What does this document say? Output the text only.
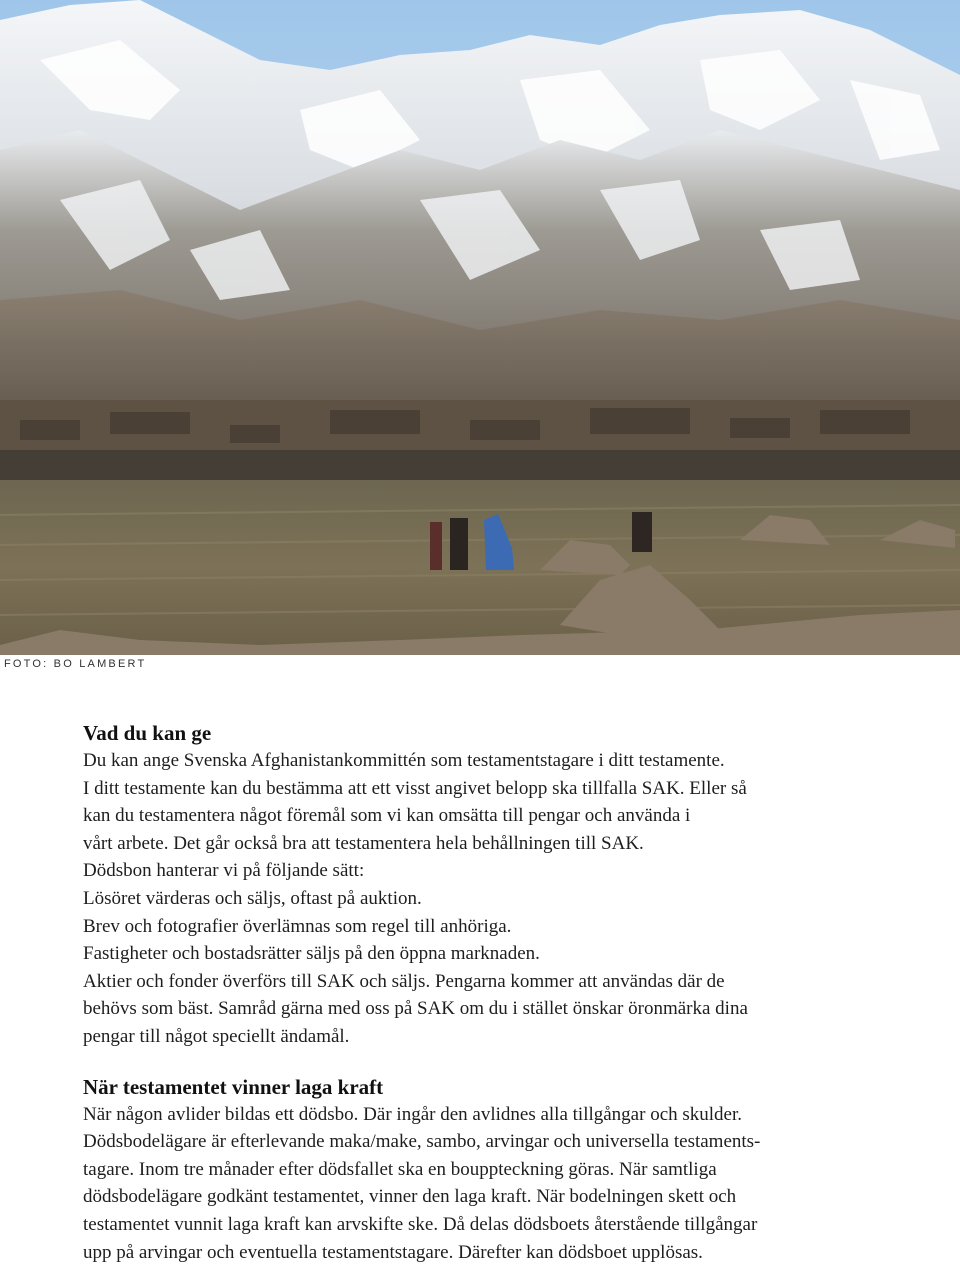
FOTO: BO LAMBERT
Vad du kan ge

Du kan ange Svenska Afghanistankommittén som testamentstagare i ditt testamente.

I ditt testamente kan du bestämma att ett visst angivet belopp ska tillfalla SAK. Eller så

kan du testamentera något föremål som vi kan omsätta till pengar och använda i

vårt arbete. Det går också bra att testamentera hela behållningen till SAK.

Dödsbon hanterar vi på följande sätt:

Lösöret värderas och säljs, oftast på auktion.

Brev och fotografier överlämnas som regel till anhöriga.

Fastigheter och bostadsrätter säljs på den öppna marknaden.

Aktier och fonder överförs till SAK och säljs. Pengarna kommer att användas där de

behövs som bäst. Samråd gärna med oss på SAK om du i stället önskar öronmärka dina

pengar till något speciellt ändamål.

När testamentet vinner laga kraft

När någon avlider bildas ett dödsbo. Där ingår den avlidnes alla tillgångar och skulder.

Dödsbodelägare är efterlevande maka/make, sambo, arvingar och universella testaments-

tagare. Inom tre månader efter dödsfallet ska en bouppteckning göras. När samtliga

dödsbodelägare godkänt testamentet, vinner den laga kraft. När bodelningen skett och

testamentet vunnit laga kraft kan arvskifte ske. Då delas dödsboets återstående tillgångar

upp på arvingar och eventuella testamentstagare. Därefter kan dödsboet upplösas.
